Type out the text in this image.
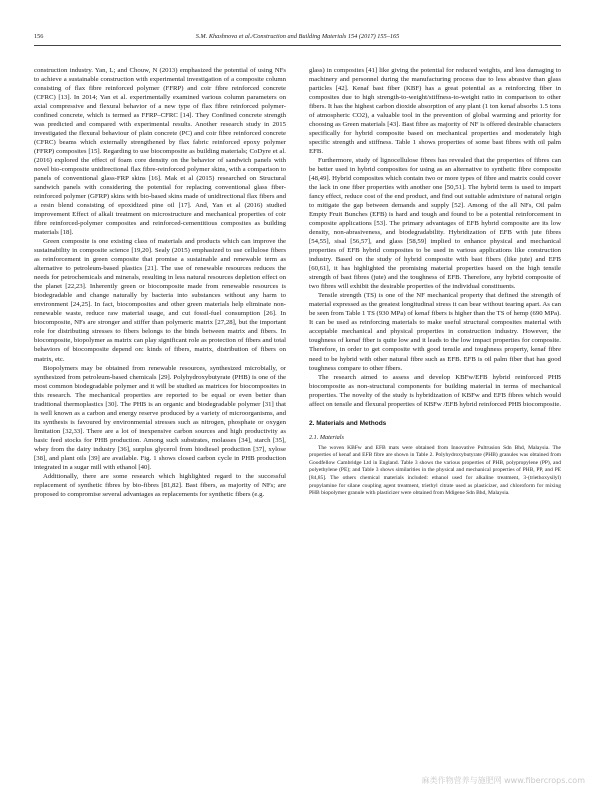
156	S.M. Khashnova et al./Construction and Building Materials 154 (2017) 155–165

construction industry. Yan, L; and Chouw, N (2013) emphasized the potential of using NFs to achieve a sustainable construction with experimental investigation of a composite column consisting of flax fibre reinforced polymer (FFRP) and coir fibre reinforced concrete (CFRC) [13]. In 2014; Yan et al. experimentally examined various column parameters on axial compressive and flexural behavior of a new type of flax fibre reinforced polymer-confined concrete, which is termed as FFRP–CFRC [14]. They Confined concrete strength was predicted and compared with experimental results. Another research study in 2015 investigated the flexural behaviour of plain concrete (PC) and coir fibre reinforced concrete (CFRC) beams which externally strengthened by flax fabric reinforced epoxy polymer (FFRP) composites [15]. Regarding to use biocomposite as building materials; CoDyre et al. (2016) explored the effect of foam core density on the behavior of sandwich panels with novel bio-composite unidirectional flax fibre-reinforced polymer skins, with a comparison to panels of conventional glass-FRP skins [16]. Mak et al (2015) researched on Structural sandwich panels with considering the potential for replacing conventional glass fiber-reinforced polymer (GFRP) skins with bio-based skins made of unidirectional flax fibers and a resin blend consisting of epoxidized pine oil [17]. And, Yan et al (2016) studied improvement Effect of alkali treatment on microstructure and mechanical properties of coir fibre reinforced-polymer composites and reinforced-cementitious composites as building materials [18].

Green composite is one existing class of materials and products which can improve the sustainability in composite science [19,20]. Sealy (2015) emphasized to use cellulose fibers as reinforcement in green composite that promise a sustainable and renewable term as alternative to petroleum-based plastics [21]. The use of renewable resources reduces the needs for petrochemicals and minerals, resulting in less natural resources depletion effect on the planet [22,23]. Inherently green or biocomposite made from renewable resources is biodegradable and change naturally by bacteria into substances without any harm to environment [24,25]. In fact, biocomposites and other green materials help eliminate non-renewable waste, reduce raw material usage, and cut fossil-fuel consumption [26]. In biocomposite, NFs are stronger and stiffer than polymeric matrix [27,28], but the important role for distributing stresses to fibers belongs to the binds between matrix and fibers. In biocomposite, biopolymer as matrix can play significant role as protection of fibers and total behaviors of biocomposite depend on: kinds of fibers, matrix, distribution of fibers on matrix, etc.

Biopolymers may be obtained from renewable resources, synthesized microbially, or synthesized from petroleum-based chemicals [29]. Polyhydroxybutyrate (PHB) is one of the most common biodegradable polymer and it will be studied as matrices for biocomposites in this research. The mechanical properties are reported to be equal or even better than traditional thermoplastics [30]. The PHB is an organic and biodegradable polymer [31] that is well known as a carbon and energy reserve produced by a variety of microorganisms, and its synthesis is favoured by environmental stresses such as nitrogen, phosphate or oxygen limitation [32,33]. There are a lot of inexpensive carbon sources and high productivity as basic feed stocks for PHB production. Among such substrates, molasses [34], starch [35], whey from the dairy industry [36], surplus glycerol from biodiesel production [37], xylose [38], and plant oils [39] are available. Fig. 1 shows closed carbon cycle in PHB production integrated in a sugar mill with ethanol [40].

Additionally, there are some research which highlighted regard to the successful replacement of synthetic fibres by bio-fibres [81,82]. Bast fibers, as majority of NFs; are proposed to compromise several advantages as replacements for synthetic fibers (e.g.

glass) in composites [41] like giving the potential for reduced weights, and less damaging to machinery and personnel during the manufacturing process due to less abrasive than glass particles [42]. Kenaf bast fiber (KBF) has a great potential as a reinforcing fiber in composites due to high strength-to-weight/stiffness-to-weight ratio in comparison to other fibers. It has the highest carbon dioxide absorption of any plant (1 ton kenaf absorbs 1.5 tons of atmospheric CO2), a valuable tool in the prevention of global warming and priority for choosing as Green materials [43]. Bast fibre as majority of NF is offered desirable characters specifically for hybrid composite based on mechanical properties and moderately high specific strength and stiffness. Table 1 shows properties of some bast fibres with oil palm EFB.

Furthermore, study of lignocellulose fibres has revealed that the properties of fibres can be better used in hybrid composites for using as an alternative to synthetic fibre composite [48,49]. Hybrid composites which contain two or more types of fibre and matrix could cover the lack in one fiber properties with another one [50,51]. The hybrid term is used to impart fancy effect, reduce cost of the end product, and find out suitable admixture of natural origin to mitigate the gap between demands and supply [52]. Among of the all NFs, Oil palm Empty Fruit Bunches (EFB) is hard and tough and found to be a potential reinforcement in composite applications [53]. The primary advantages of EFB hybrid composite are its low density, non-abrasiveness, and biodegradability. Hybridization of EFB with jute fibres [54,55], sisal [56,57], and glass [58,59] implied to enhance physical and mechanical properties of EFB hybrid composites to be used in various applications like construction industry. Based on the study of hybrid composite with bast fibers (like jute) and EFB [60,61], it has highlighted the promising material properties based on the high tensile strength of bast fibres (jute) and the toughness of EFB. Therefore, any hybrid composite of two fibres will exhibit the desirable properties of the individual constituents.

Tensile strength (TS) is one of the NF mechanical property that defined the strength of material expressed as the greatest longitudinal stress it can bear without tearing apart. As can be seen from Table 1 TS (930 MPa) of kenaf fibers is higher than the TS of hemp (690 MPa). It can be used as reinforcing materials to make useful structural composites material with acceptable mechanical and physical properties in construction industry. However, the toughness of kenaf fiber is quite low and it leads to the low impact properties for composite. Therefore, in order to get composite with good tensile and toughness property, kenaf fibre need to be hybrid with other natural fibre such as EFB. EFB is oil palm fiber that has good toughness compare to other fibers.

The research aimed to assess and develop KBFw/EFB hybrid reinforced PHB biocomposite as non-structural components for building material in terms of mechanical properties. The novelty of the study is hybridization of KBFw and EFB fibres which would affect on tensile and flexural properties of KBFw /EFB hybrid reinforced PHB biocomposite.

2. Materials and Methods
2.1. Materials

The woven KBFw and EFB mats were obtained from Innovative Pultrusion Sdn Bhd, Malaysia. The properties of kenaf and EFB fibre are shown in Table 2. Polyhydroxybutyrate (PHB) granules was obtained from Goodfellow Cambridge Ltd in England. Table 3 shows the various properties of PHB, polypropylene (PP), and polyethylene (PE); and Table 3 shows similarities in the physical and mechanical properties of PHB, PP, and PE [84,85]. The others chemical materials included: ethanol used for alkaline treatment, 3-(triethoxysilyl) propylamine for silane coupling agent treatment, triethyl citrate used as plasticizer, and chloroform for mixing PHB biopolymer granule with plasticizer were obtained from Mdigene Sdn Bhd, Malaysia.

麻类作物营养与施肥网 www.fibercrops.com
